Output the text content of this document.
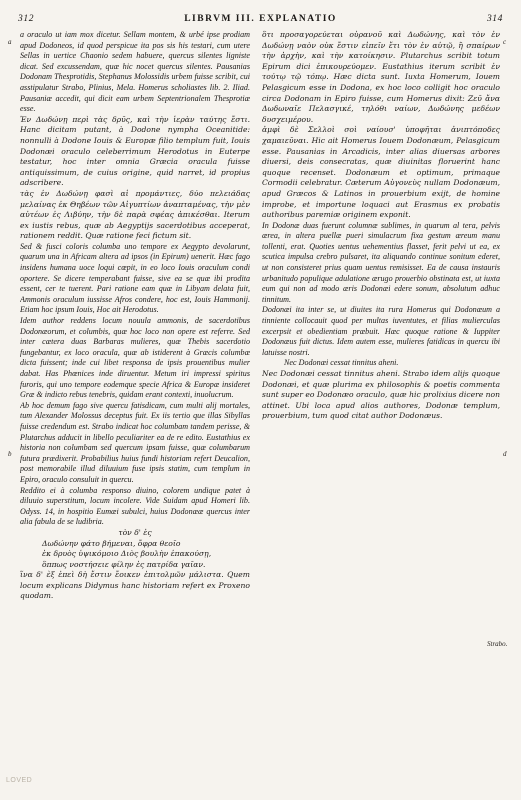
312	LIBRVM III. EXPLANATIO	314
a
b
c
d

a oraculo ut iam mox dicetur. Sellam montem, & urbé ipse prodiam apud Dodoneos, id quod perspicue ita pos sis his testari, cum utere Sellas in uertice Chaonio sedem habuere, quercus silentes ligniste dicat. Sed excussendam, quæ hic nocet quercus silentes. Pausanias Dodonam Thesprotidis, Stephanus Molossidis urbem fuisse scribit, cui asstipulatur Strabo, Plinius, Mela. Homerus scholiastes lib. 2. Iliad. Pausaniæ accedit, qui dicit eam urbem Septentrionalem Thesprotiæ esse.

Ἐν Δωδώνῃ περὶ τὰς δρῦς, καὶ τὴν ἱερὰν ταύτης ἔστι. Hanc dicitam putant, à Dodone nympha Oceanitide: nonnulli à Dodone Iouis & Europæ filio templum fuit, Iouis Dodonæi oraculo celeberrimum Herodotus in Euterpe testatur, hoc inter omnia Græcia oracula fuisse antiquissimum, de cuius origine, quid narret, id propius adscribere.

τὰς ἐν Δωδώνῃ φασὶ αἱ προμάντιες, δύο πελειάδας μελαίνας ἐκ Θηβέων τῶν Αἰγυπτίων ἀναπταμένας, τὴν μὲν αὐτέων ἐς Λιβύην, τὴν δὲ παρὰ σφέας ἀπικέσθαι. Iterum ex iustis rebus, quæ ab Aegyptijs sacerdotibus acceperat, rationem reddit. Quæ ratione feci fictum sit.

Sed & fusci coloris columba uno tempore ex Aegypto devolarunt, quarum una in Africam altera ad ipsos (in Epirum) uenerit. Hæc fago insidens humana uoce loqui cœpit, in eo loco Iouis oraculum condi oportere. Se dicere temperabant fuisse, sive ea se quæ ibi prodita essent, cer te tuerent. Pari ratione eam quæ in Libyam delata fuit, Ammonis oraculum iussisse Afros condere, hoc est, Iouis Hammonij. Etiam hoc ipsum Iouis, Hoc ait Herodotus.

Idem author reddens locum nouula ammonis, de sacerdotibus Dodonæorum, et columbis, quæ hoc loco non opere est referre. Sed inter cætera duas Barbaras mulieres, quæ Thebis sacerdotio fungebantur, ex loco oracula, quæ ab istiderent à Græcis columbæ dicta fuissent; inde cui libet responsa de ipsis prouentibus mulier dabat. Has Phœnices inde diruentur. Metum iri impressi spiritus furoris, qui uno tempore eodemque specie Africa & Europæ insideret Græ & indicto rebus tenebris, quidam erant contexti, inuolucrum.

Ab hoc demum fago sive quercu fatisdicam, cum multi alij mortales, tum Alexander Molossus deceptus fuit. Ex iis tertio que illas Sibyllas fuisse credendum est. Strabo indicat hoc columbam tandem perisse, & Plutarchus adducit in libello peculiariter ea de re edito. Eustathius ex historia non columbam sed quercum ipsam fuisse, quæ columbarum futura prædixerit. Probabilius huius fundi historiam refert Deucalion, post memorabile illud diluuium fuse ipsis statim, cum templum in Epiro, oraculo consuluit in quercu.

Reddito ei à columba responso diuino, colorem undique patet à diluuio superstitum, locum incolere. Vide Suidam apud Homeri lib. Odyss. 14, in hospitio Eumæi subulci, huius Dodonææ quercus inter alia fabula de se ludibria.

τὸν δ' ἐς

Δωδώνην φάτο βήμεναι, ὄφρα θεοῖο

ἐκ δρυὸς ὑψικόμοιο Διὸς βουλὴν ἐπακούσῃ,

ὅππως νοστήσειε φίλην ἐς πατρίδα γαῖαν.

ἵνα δ' ὲξ ἐπεὶ δὴ ἔστιν ἔοικεν ἐπιτολμῶν μάλιστα. Quem locum explicans Didymus hanc historiam refert ex Proxeno quodam.

ὅτι προσαγορεύεται οὐρανοῦ καὶ Δωδώνης, καὶ τὸν ἐν Δωδώνῃ ναὸν οὐκ ἔστιν εἰπεῖν ἔτι τὸν ἐν αὐτῷ, ἢ σπαίρων τὴν ἀρχὴν, καὶ τὴν κατοίκησιν. Plutarchus scribit totum Epirum dici ἐπικουρεύομεν. Eustathius iterum scribit ἐν τούτῳ τῷ τόπῳ. Hæc dicta sunt. Iuxta Homerum, Iouem Pelasgicum esse in Dodona, ex hoc loco colligit hoc oraculo circa Dodonam in Epiro fuisse, cum Homerus dixit: Ζεῦ ἄνα Δωδωναῖε Πελασγικέ, τηλόθι ναίων, Δωδώνης μεδέων δυσχειμέρου.

ἀμφὶ δὲ Σελλοὶ σοὶ ναίουσ' ὑποφῆται ἀνιπτόποδες χαμαιεῦναι. Hic ait Homerus Iouem Dodonæum, Pelasgicum esse. Pausanias in Arcadicis, inter alias diuersas arbores diuersi, deis consecratas, quæ diuinitas floruerint hanc quoque recenset. Dodonæum et optimum, primaque Cormodii celebratur. Cæterum Αὐγονεὺς nullam Dodonæum, apud Græcos & Latinos in prouerbium exijt, de homine improbe, et importune loquaci aut Erasmus ex probatis authoribus paremiæ originem exponit.

In Dodonæ duas fuerunt columnæ sublimes, in quarum al tera, pelvis ærea, in altera puellæ pueri simulacrum fixa gestum æreum manu tollenti, erat. Quoties uentus uehementius flasset, ferit pelvi ut ea, ex scutica impulsa crebro pulsaret, ita aliquando continue sonitum ederet, ut non consisteret prius quam uentus remisisset. Ea de causa instauris urbanitudo populique adulatione ærugo prouerbio obstinata est, ut iuxta eum qui non ad modo æris Dodonæi edere sonum, absolutum adhuc tinnitum.

Dodonæi ita inter se, ut diuites ita rura Homerus qui Dodonæum a tinniente collocauit quod per multas iuventutes, et filias mulierculas excerpsit et obedientiam præbuit. Hæc quoque ratione & Iuppiter Dodonæus fuit dictus. Idem autem esse, mulieres fatidicas in quercu ibi latuisse nostri.

Nec Dodonæi cessat tinnitus aheni.

Nec Dodonæi cessat tinnitus aheni. Strabo idem alijs quoque Dodonæi, et quæ plurima ex philosophis & poetis commenta sunt super eo Dodonæo oraculo, quæ hic prolixius dicere non attinet. Ubi loca apud alios authores, Dodonæ templum, prouerbium, tum quod citat author Dodonæus.

Strabo.
LOVED
